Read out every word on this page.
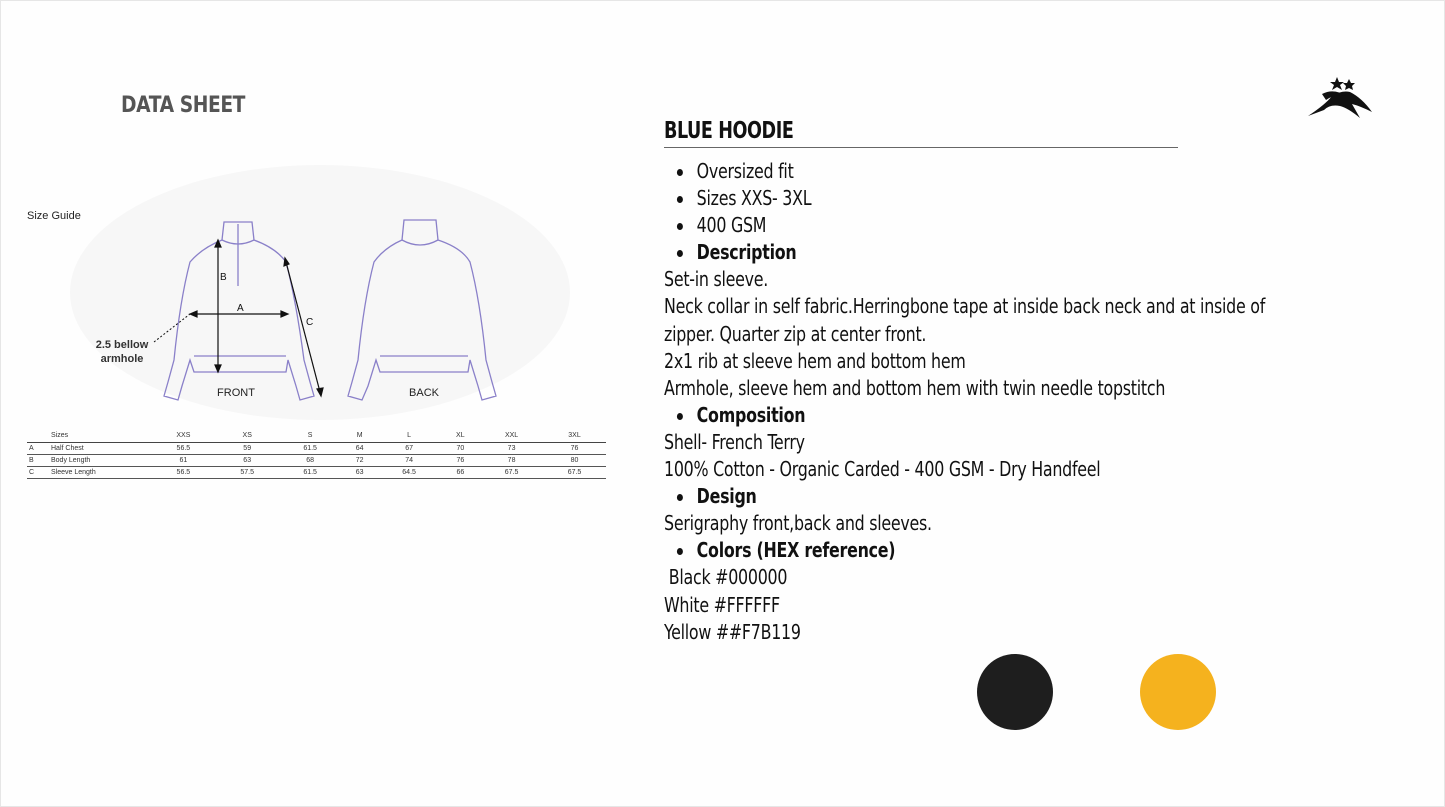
DATA SHEET
Size Guide
A
B
C
2.5 bellow
armhole
FRONT	BACK
	Sizes	XXS	XS	S	M	L	XL	XXL	3XL
A	Half Chest	56.5	59	61.5	64	67	70	73	76
B	Body Length	61	63	68	72	74	76	78	80
C	Sleeve Length	56.5	57.5	61.5	63	64.5	66	67.5	67.5
BLUE HOODIE
Oversized fit
Sizes XXS- 3XL
400 GSM
Description
Set-in sleeve.
Neck collar in self fabric.Herringbone tape at inside back neck and at inside of
zipper. Quarter zip at center front.
2x1 rib at sleeve hem and bottom hem
Armhole, sleeve hem and bottom hem with twin needle topstitch
Composition
Shell- French Terry
100% Cotton - Organic Carded - 400 GSM - Dry Handfeel
Design
Serigraphy front,back and sleeves.
Colors (HEX reference)
Black #000000
White #FFFFFF
Yellow ##F7B119
